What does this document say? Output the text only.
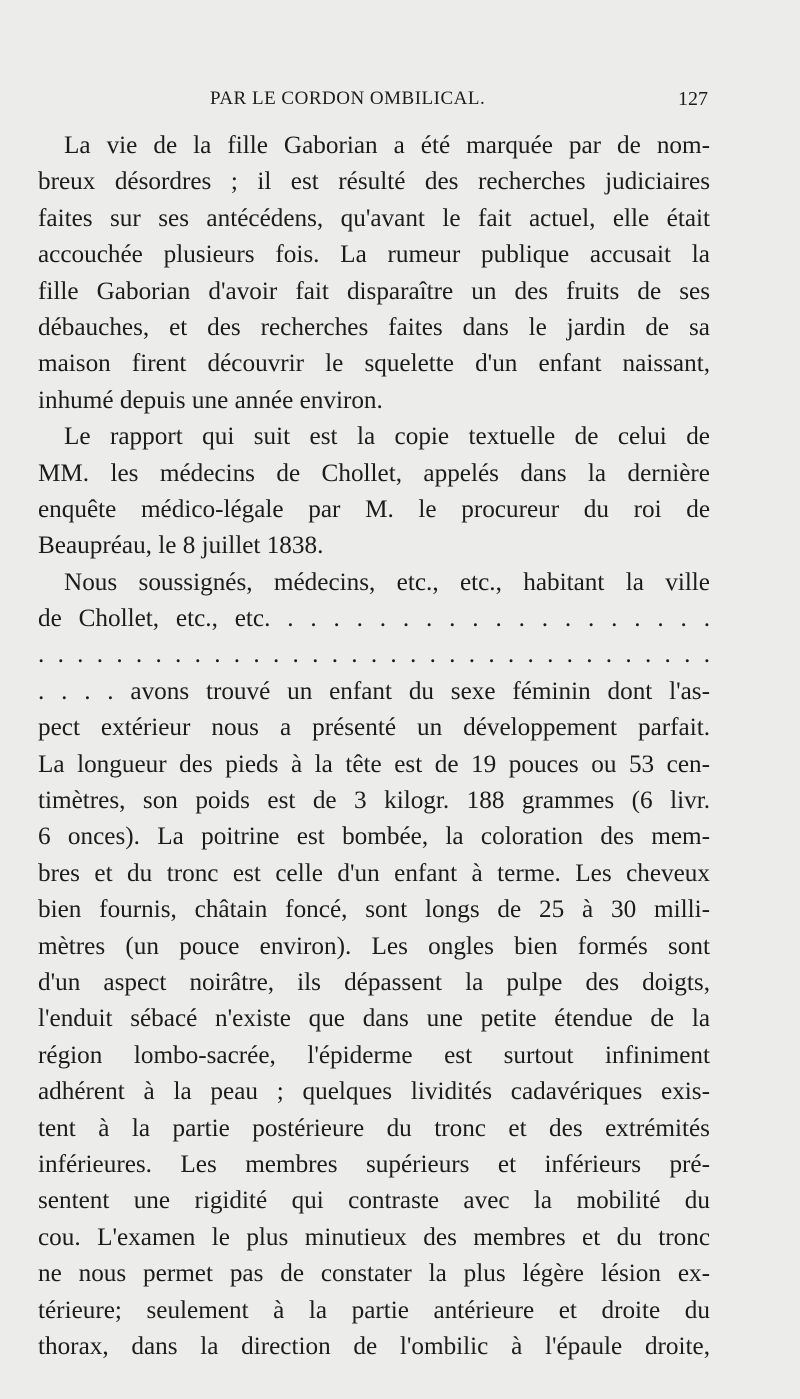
PAR LE CORDON OMBILICAL.	127
La vie de la fille Gaborian a été marquée par de nom-
breux désordres ; il est résulté des recherches judiciaires
faites sur ses antécédens, qu'avant le fait actuel, elle était
accouchée plusieurs fois. La rumeur publique accusait la
fille Gaborian d'avoir fait disparaître un des fruits de ses
débauches, et des recherches faites dans le jardin de sa
maison firent découvrir le squelette d'un enfant naissant,
inhumé depuis une année environ.
Le rapport qui suit est la copie textuelle de celui de
MM. les médecins de Chollet, appelés dans la dernière
enquête médico-légale par M. le procureur du roi de
Beaupréau, le 8 juillet 1838.
Nous soussignés, médecins, etc., etc., habitant la ville
de Chollet, etc., etc. . . . . . . . . . . . . . . . . . . .
. . . . . . . . . . . . . . . . . . . . . . . . . . . . . . . . . . .
. . . . avons trouvé un enfant du sexe féminin dont l'as-
pect extérieur nous a présenté un développement parfait.
La longueur des pieds à la tête est de 19 pouces ou 53 cen-
timètres, son poids est de 3 kilogr. 188 grammes (6 livr.
6 onces). La poitrine est bombée, la coloration des mem-
bres et du tronc est celle d'un enfant à terme. Les cheveux
bien fournis, châtain foncé, sont longs de 25 à 30 milli-
mètres (un pouce environ). Les ongles bien formés sont
d'un aspect noirâtre, ils dépassent la pulpe des doigts,
l'enduit sébacé n'existe que dans une petite étendue de la
région lombo-sacrée, l'épiderme est surtout infiniment
adhérent à la peau ; quelques lividités cadavériques exis-
tent à la partie postérieure du tronc et des extrémités
inférieures. Les membres supérieurs et inférieurs pré-
sentent une rigidité qui contraste avec la mobilité du
cou. L'examen le plus minutieux des membres et du tronc
ne nous permet pas de constater la plus légère lésion ex-
térieure; seulement à la partie antérieure et droite du
thorax, dans la direction de l'ombilic à l'épaule droite,
